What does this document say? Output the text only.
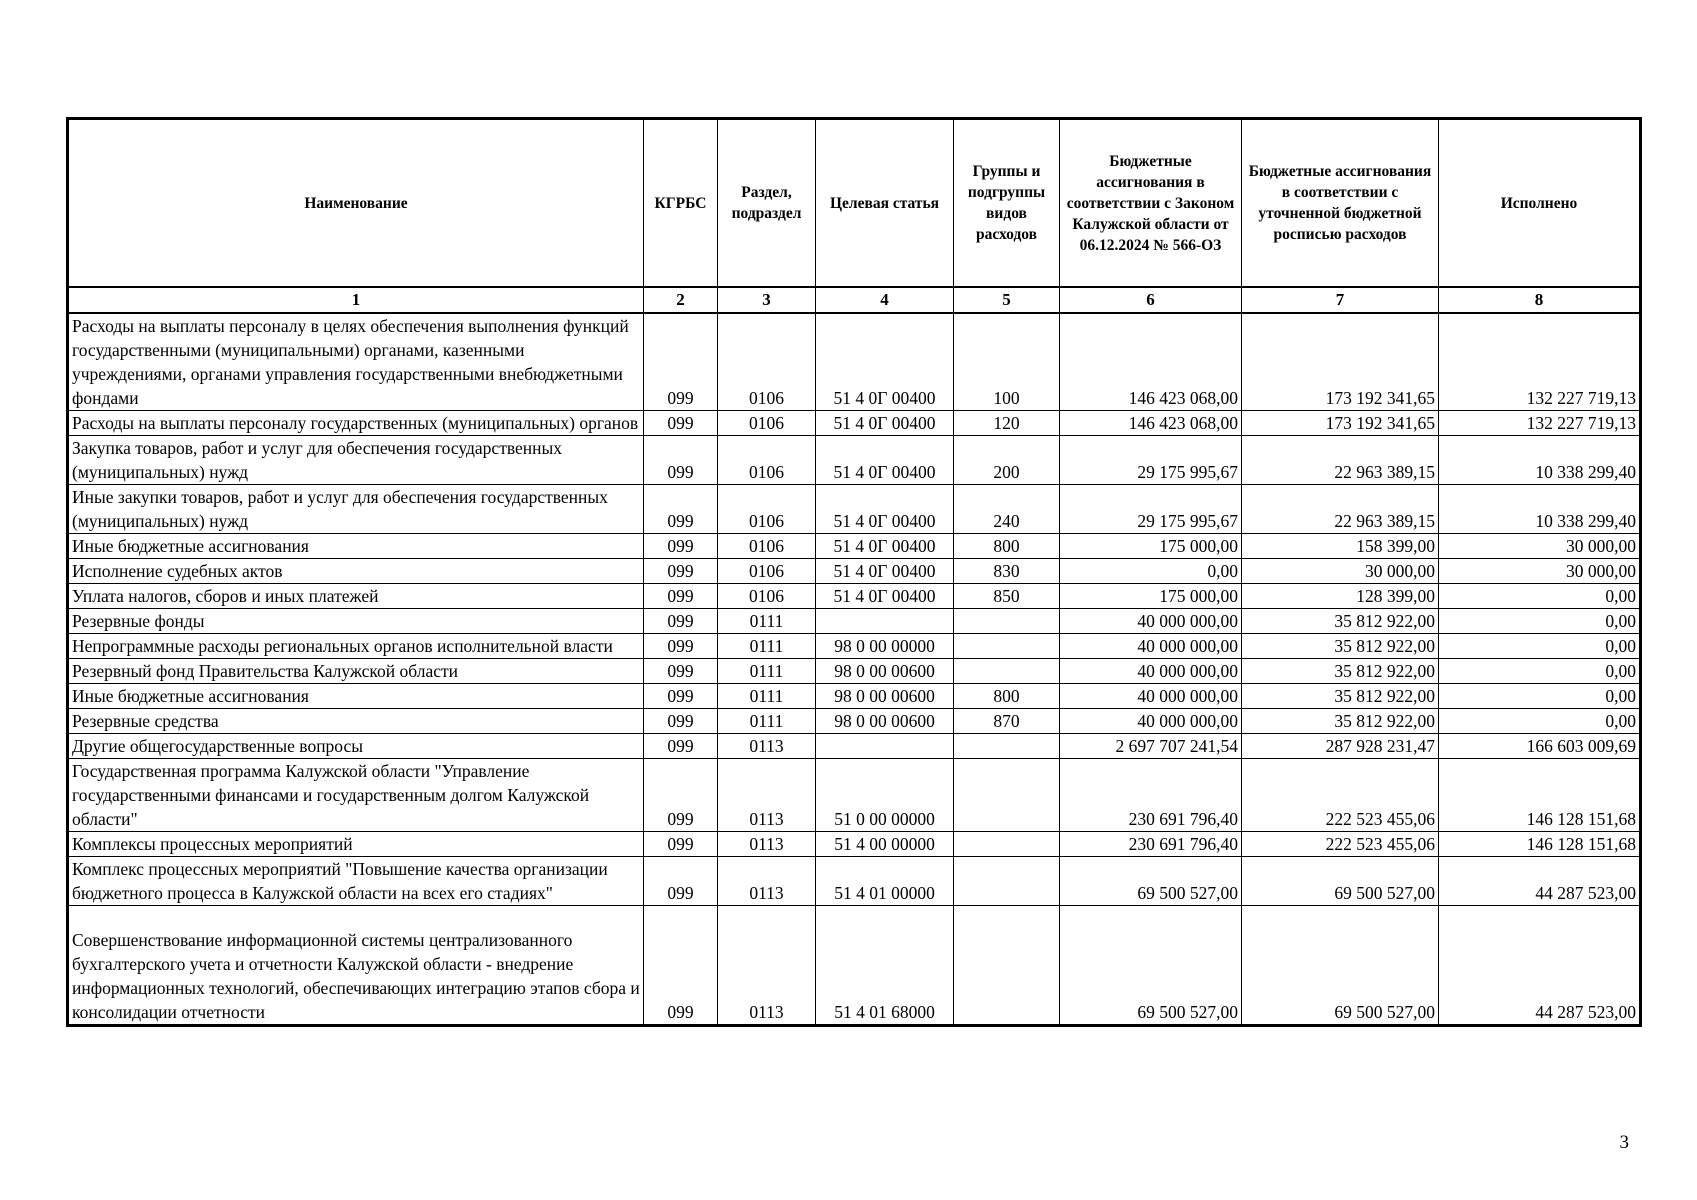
Наименование	КГРБС	Раздел, подраздел	Целевая статья	Группы и подгруппы видов расходов	Бюджетные ассигнования в соответствии с Законом Калужской области от 06.12.2024 № 566-ОЗ	Бюджетные ассигнования в соответствии с уточненной бюджетной росписью расходов	Исполнено
1	2	3	4	5	6	7	8
Расходы на выплаты персоналу в целях обеспечения выполнения функций государственными (муниципальными) органами, казенными учреждениями, органами управления государственными внебюджетными фондами	099	0106	51 4 0Г 00400	100	146 423 068,00	173 192 341,65	132 227 719,13
Расходы на выплаты персоналу государственных (муниципальных) органов	099	0106	51 4 0Г 00400	120	146 423 068,00	173 192 341,65	132 227 719,13
Закупка товаров, работ и услуг для обеспечения государственных (муниципальных) нужд	099	0106	51 4 0Г 00400	200	29 175 995,67	22 963 389,15	10 338 299,40
Иные закупки товаров, работ и услуг для обеспечения государственных (муниципальных) нужд	099	0106	51 4 0Г 00400	240	29 175 995,67	22 963 389,15	10 338 299,40
Иные бюджетные ассигнования	099	0106	51 4 0Г 00400	800	175 000,00	158 399,00	30 000,00
Исполнение судебных актов	099	0106	51 4 0Г 00400	830	0,00	30 000,00	30 000,00
Уплата налогов, сборов и иных платежей	099	0106	51 4 0Г 00400	850	175 000,00	128 399,00	0,00
Резервные фонды	099	0111			40 000 000,00	35 812 922,00	0,00
Непрограммные расходы региональных органов исполнительной власти	099	0111	98 0 00 00000		40 000 000,00	35 812 922,00	0,00
Резервный фонд Правительства Калужской области	099	0111	98 0 00 00600		40 000 000,00	35 812 922,00	0,00
Иные бюджетные ассигнования	099	0111	98 0 00 00600	800	40 000 000,00	35 812 922,00	0,00
Резервные средства	099	0111	98 0 00 00600	870	40 000 000,00	35 812 922,00	0,00
Другие общегосударственные вопросы	099	0113			2 697 707 241,54	287 928 231,47	166 603 009,69
Государственная программа Калужской области "Управление государственными финансами и государственным долгом Калужской области"	099	0113	51 0 00 00000		230 691 796,40	222 523 455,06	146 128 151,68
Комплексы процессных мероприятий	099	0113	51 4 00 00000		230 691 796,40	222 523 455,06	146 128 151,68
Комплекс процессных мероприятий "Повышение качества организации бюджетного процесса в Калужской области на всех его стадиях"	099	0113	51 4 01 00000		69 500 527,00	69 500 527,00	44 287 523,00
Совершенствование информационной системы централизованного бухгалтерского учета и отчетности Калужской области - внедрение информационных технологий, обеспечивающих интеграцию этапов сбора и консолидации отчетности	099	0113	51 4 01 68000		69 500 527,00	69 500 527,00	44 287 523,00
3
